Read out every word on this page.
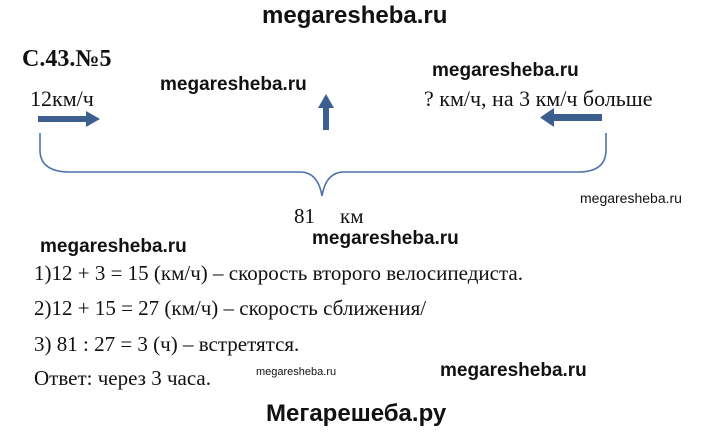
megaresheba.ru
С.43.№5
12км/ч	? км/ч, на 3 км/ч больше
megaresheba.ru
megaresheba.ru
81 км
megaresheba.ru
megaresheba.ru	megaresheba.ru
1)12 + 3 = 15 (км/ч) – скорость второго велосипедиста.
2)12 + 15 = 27 (км/ч) – скорость сближения/
3) 81 : 27 = 3 (ч) – встретятся.
Ответ: через 3 часа.	megaresheba.ru	megaresheba.ru
Мегарешеба.ру
